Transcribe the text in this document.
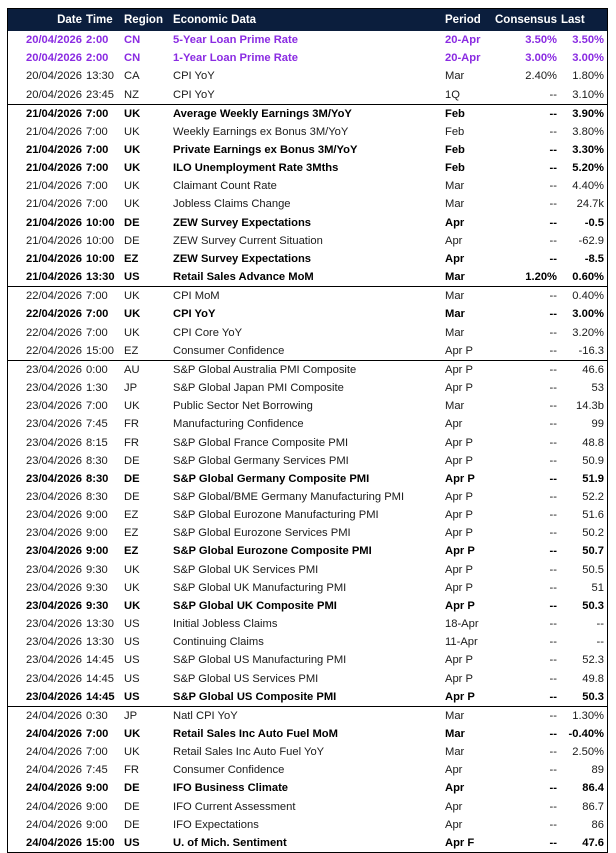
Date	Time	Region	Economic Data	Period	Consensus	Last
20/04/2026	2:00	CN	5-Year Loan Prime Rate	20-Apr	3.50%	3.50%
20/04/2026	2:00	CN	1-Year Loan Prime Rate	20-Apr	3.00%	3.00%
20/04/2026	13:30	CA	CPI YoY	Mar	2.40%	1.80%
20/04/2026	23:45	NZ	CPI YoY	1Q	--	3.10%
21/04/2026	7:00	UK	Average Weekly Earnings 3M/YoY	Feb	--	3.90%
21/04/2026	7:00	UK	Weekly Earnings ex Bonus 3M/YoY	Feb	--	3.80%
21/04/2026	7:00	UK	Private Earnings ex Bonus 3M/YoY	Feb	--	3.30%
21/04/2026	7:00	UK	ILO Unemployment Rate 3Mths	Feb	--	5.20%
21/04/2026	7:00	UK	Claimant Count Rate	Mar	--	4.40%
21/04/2026	7:00	UK	Jobless Claims Change	Mar	--	24.7k
21/04/2026	10:00	DE	ZEW Survey Expectations	Apr	--	-0.5
21/04/2026	10:00	DE	ZEW Survey Current Situation	Apr	--	-62.9
21/04/2026	10:00	EZ	ZEW Survey Expectations	Apr	--	-8.5
21/04/2026	13:30	US	Retail Sales Advance MoM	Mar	1.20%	0.60%
22/04/2026	7:00	UK	CPI MoM	Mar	--	0.40%
22/04/2026	7:00	UK	CPI YoY	Mar	--	3.00%
22/04/2026	7:00	UK	CPI Core YoY	Mar	--	3.20%
22/04/2026	15:00	EZ	Consumer Confidence	Apr P	--	-16.3
23/04/2026	0:00	AU	S&P Global Australia PMI Composite	Apr P	--	46.6
23/04/2026	1:30	JP	S&P Global Japan PMI Composite	Apr P	--	53
23/04/2026	7:00	UK	Public Sector Net Borrowing	Mar	--	14.3b
23/04/2026	7:45	FR	Manufacturing Confidence	Apr	--	99
23/04/2026	8:15	FR	S&P Global France Composite PMI	Apr P	--	48.8
23/04/2026	8:30	DE	S&P Global Germany Services PMI	Apr P	--	50.9
23/04/2026	8:30	DE	S&P Global Germany Composite PMI	Apr P	--	51.9
23/04/2026	8:30	DE	S&P Global/BME Germany Manufacturing PMI	Apr P	--	52.2
23/04/2026	9:00	EZ	S&P Global Eurozone Manufacturing PMI	Apr P	--	51.6
23/04/2026	9:00	EZ	S&P Global Eurozone Services PMI	Apr P	--	50.2
23/04/2026	9:00	EZ	S&P Global Eurozone Composite PMI	Apr P	--	50.7
23/04/2026	9:30	UK	S&P Global UK Services PMI	Apr P	--	50.5
23/04/2026	9:30	UK	S&P Global UK Manufacturing PMI	Apr P	--	51
23/04/2026	9:30	UK	S&P Global UK Composite PMI	Apr P	--	50.3
23/04/2026	13:30	US	Initial Jobless Claims	18-Apr	--	--
23/04/2026	13:30	US	Continuing Claims	11-Apr	--	--
23/04/2026	14:45	US	S&P Global US Manufacturing PMI	Apr P	--	52.3
23/04/2026	14:45	US	S&P Global US Services PMI	Apr P	--	49.8
23/04/2026	14:45	US	S&P Global US Composite PMI	Apr P	--	50.3
24/04/2026	0:30	JP	Natl CPI YoY	Mar	--	1.30%
24/04/2026	7:00	UK	Retail Sales Inc Auto Fuel MoM	Mar	--	-0.40%
24/04/2026	7:00	UK	Retail Sales Inc Auto Fuel YoY	Mar	--	2.50%
24/04/2026	7:45	FR	Consumer Confidence	Apr	--	89
24/04/2026	9:00	DE	IFO Business Climate	Apr	--	86.4
24/04/2026	9:00	DE	IFO Current Assessment	Apr	--	86.7
24/04/2026	9:00	DE	IFO Expectations	Apr	--	86
24/04/2026	15:00	US	U. of Mich. Sentiment	Apr F	--	47.6
